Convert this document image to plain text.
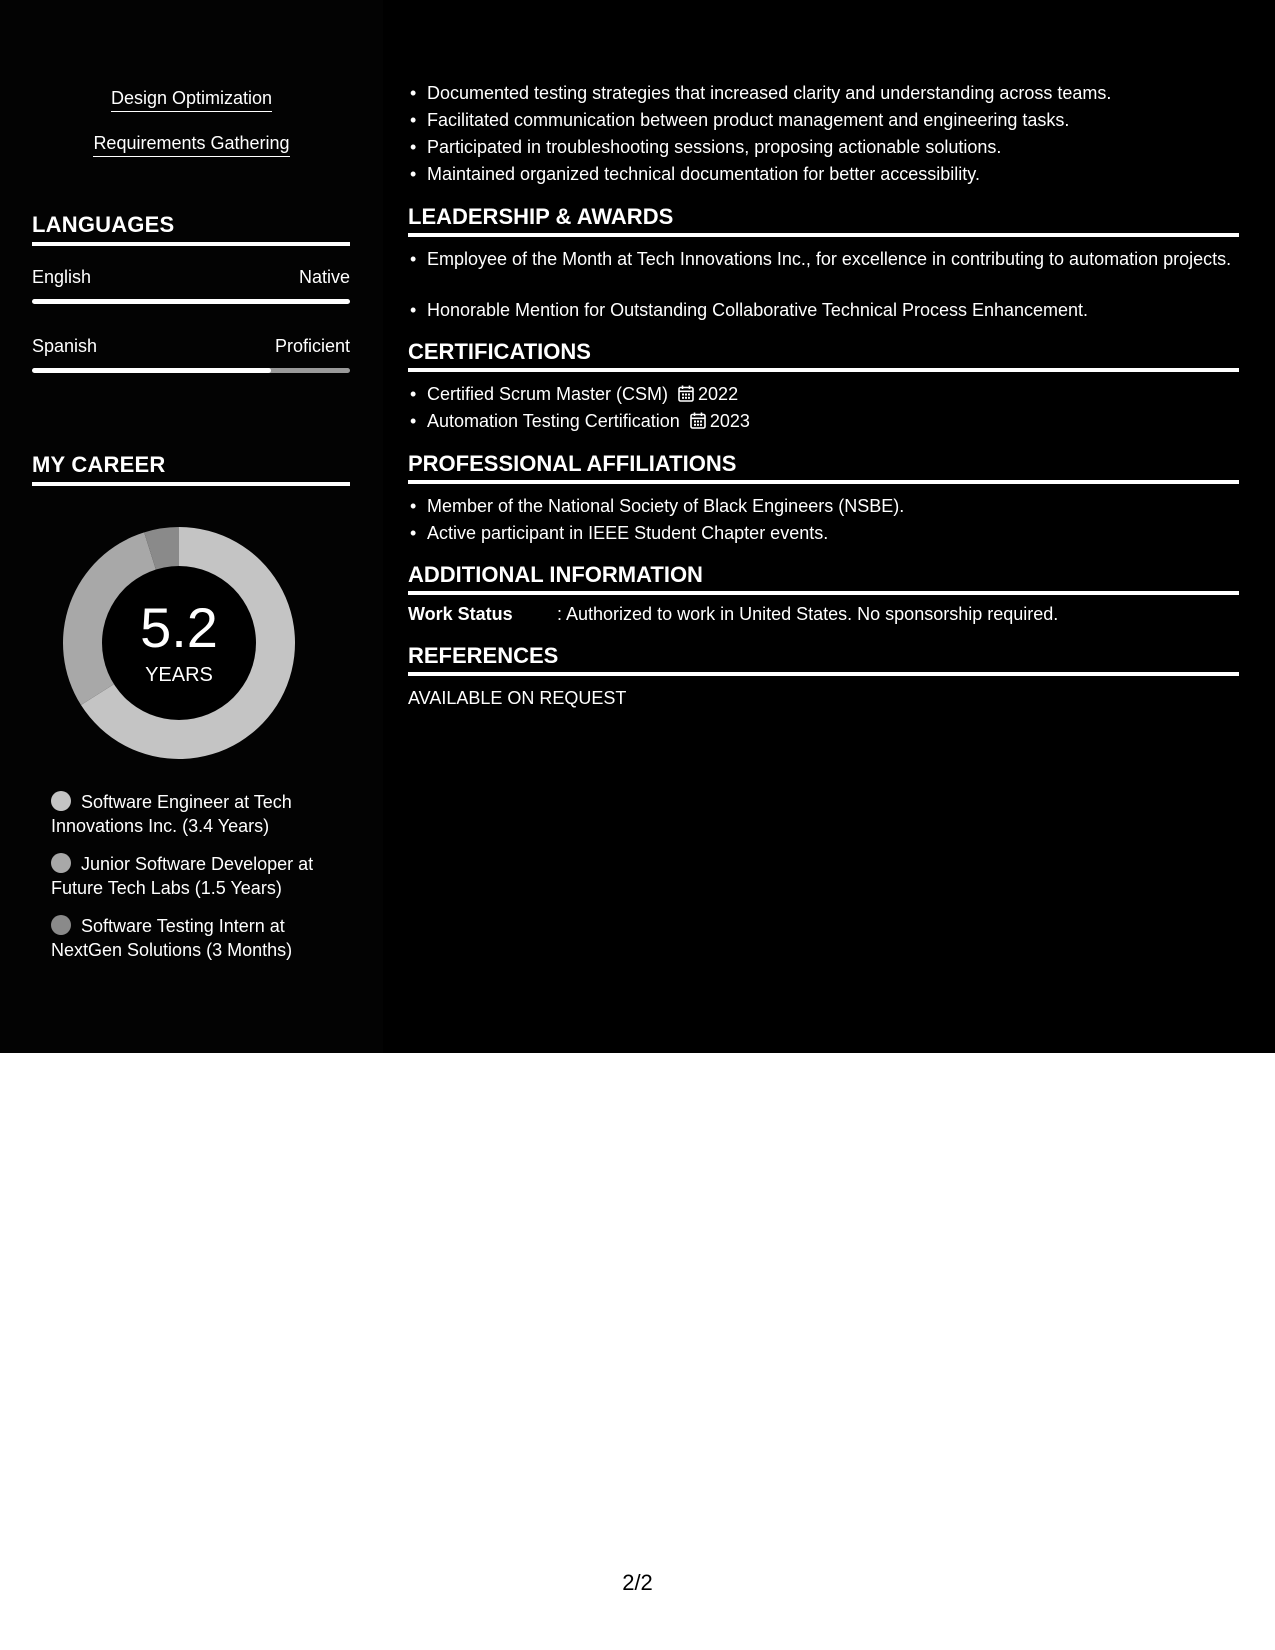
Design Optimization
Requirements Gathering
LANGUAGES
English	Native
Spanish	Proficient
MY CAREER
5.2
YEARS
Software Engineer at Tech
Innovations Inc. (3.4 Years)
Junior Software Developer at
Future Tech Labs (1.5 Years)
Software Testing Intern at
NextGen Solutions (3 Months)
• Documented testing strategies that increased clarity and understanding across teams.
• Facilitated communication between product management and engineering tasks.
• Participated in troubleshooting sessions, proposing actionable solutions.
• Maintained organized technical documentation for better accessibility.
LEADERSHIP & AWARDS
• Employee of the Month at Tech Innovations Inc., for excellence in contributing to automation projects.
• Honorable Mention for Outstanding Collaborative Technical Process Enhancement.
CERTIFICATIONS
• Certified Scrum Master (CSM) 2022
• Automation Testing Certification 2023
PROFESSIONAL AFFILIATIONS
• Member of the National Society of Black Engineers (NSBE).
• Active participant in IEEE Student Chapter events.
ADDITIONAL INFORMATION
Work Status : Authorized to work in United States. No sponsorship required.
REFERENCES
AVAILABLE ON REQUEST
2/2
